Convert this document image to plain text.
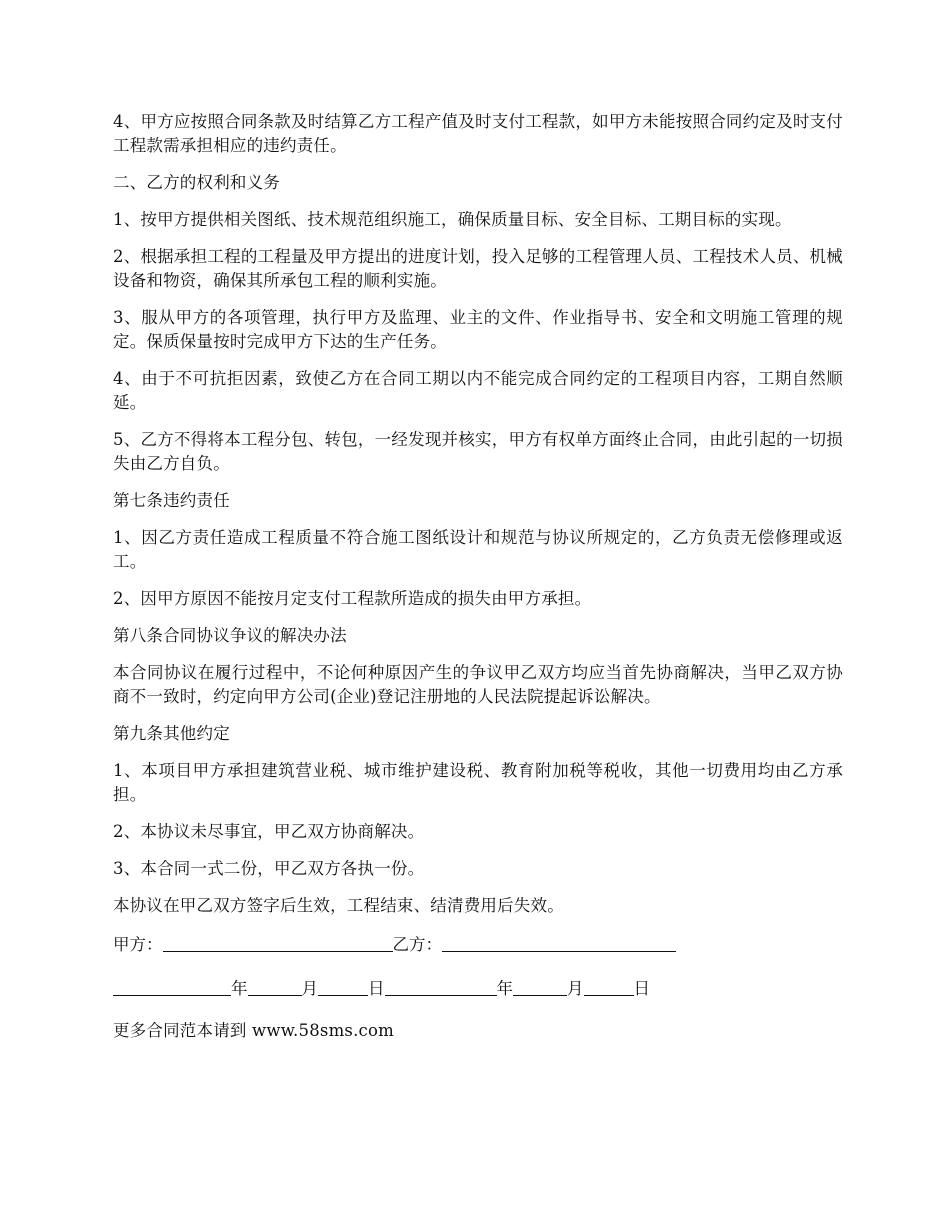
4、甲方应按照合同条款及时结算乙方工程产值及时支付工程款，如甲方未能按照合同约定及时支付工程款需承担相应的违约责任。

二、乙方的权利和义务

1、按甲方提供相关图纸、技术规范组织施工，确保质量目标、安全目标、工期目标的实现。

2、根据承担工程的工程量及甲方提出的进度计划，投入足够的工程管理人员、工程技术人员、机械设备和物资，确保其所承包工程的顺利实施。

3、服从甲方的各项管理，执行甲方及监理、业主的文件、作业指导书、安全和文明施工管理的规定。保质保量按时完成甲方下达的生产任务。

4、由于不可抗拒因素，致使乙方在合同工期以内不能完成合同约定的工程项目内容，工期自然顺延。

5、乙方不得将本工程分包、转包，一经发现并核实，甲方有权单方面终止合同，由此引起的一切损失由乙方自负。

第七条违约责任

1、因乙方责任造成工程质量不符合施工图纸设计和规范与协议所规定的，乙方负责无偿修理或返工。

2、因甲方原因不能按月定支付工程款所造成的损失由甲方承担。

第八条合同协议争议的解决办法

本合同协议在履行过程中，不论何种原因产生的争议甲乙双方均应当首先协商解决，当甲乙双方协商不一致时，约定向甲方公司(企业)登记注册地的人民法院提起诉讼解决。

第九条其他约定

1、本项目甲方承担建筑营业税、城市维护建设税、教育附加税等税收，其他一切费用均由乙方承担。

2、本协议未尽事宜，甲乙双方协商解决。

3、本合同一式二份，甲乙双方各执一份。

本协议在甲乙双方签字后生效，工程结束、结清费用后失效。

甲方：	乙方：
年	月	日	年	月	日

更多合同范本请到 www.58sms.com
